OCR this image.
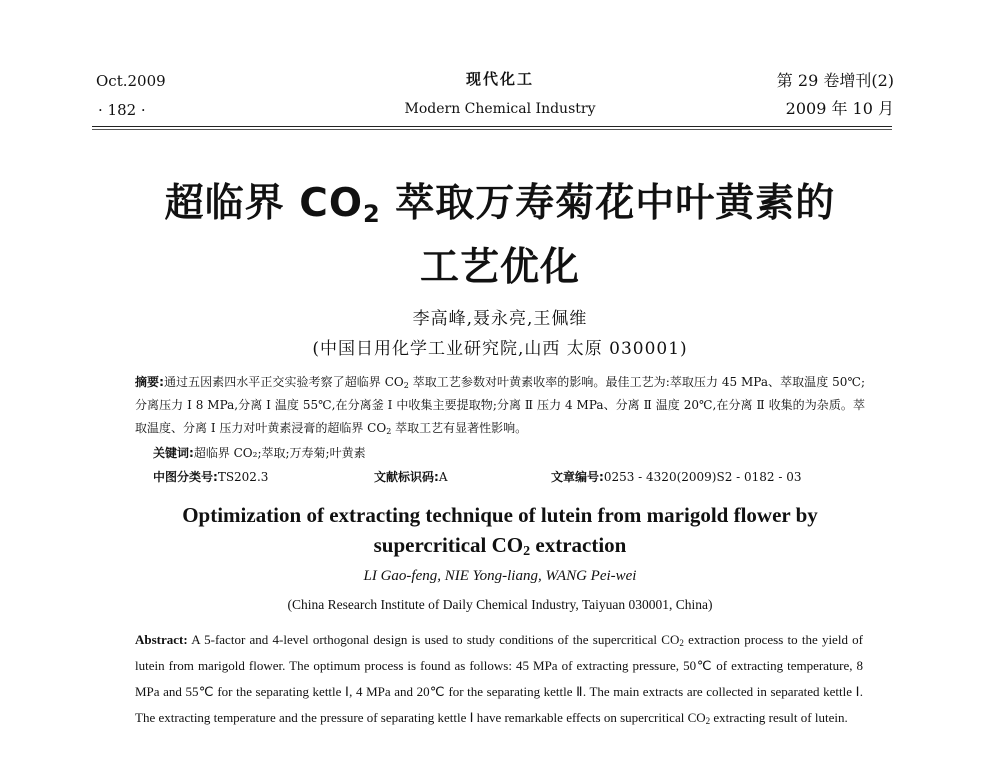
Oct.2009
· 182 ·
现代化工
Modern Chemical Industry
第 29 卷增刊(2)
2009 年 10 月
超临界 $CO_2$ 萃取万寿菊花中叶黄素的
工艺优化
李高峰,聂永亮,王佩维
(中国日用化学工业研究院,山西 太原 030001)
摘要:通过五因素四水平正交实验考察了超临界 $CO_2$ 萃取工艺参数对叶黄素收率的影响。最佳工艺为:萃取压力 45 MPa、萃取温度 50℃;分离压力 Ⅰ 8 MPa,分离 Ⅰ 温度 55℃,在分离釜 Ⅰ 中收集主要提取物;分离 Ⅱ 压力 4 MPa、分离 Ⅱ 温度 20℃,在分离 Ⅱ 收集的为杂质。萃取温度、分离 Ⅰ 压力对叶黄素浸膏的超临界 $CO_2$ 萃取工艺有显著性影响。
关键词:超临界 CO₂;萃取;万寿菊;叶黄素
中图分类号:TS202.3	文献标识码:A	文章编号:0253 - 4320(2009)S2 - 0182 - 03
Optimization of extracting technique of lutein from marigold flower by
supercritical $CO_2$ extraction
LI Gao-feng, NIE Yong-liang, WANG Pei-wei
(China Research Institute of Daily Chemical Industry, Taiyuan 030001, China)
Abstract: A 5-factor and 4-level orthogonal design is used to study conditions of the supercritical $CO_2$ extraction process to the yield of lutein from marigold flower. The optimum process is found as follows: 45 MPa of extracting pressure, 50℃ of extracting temperature, 8 MPa and 55℃ for the separating kettle Ⅰ, 4 MPa and 20℃ for the separating kettle Ⅱ. The main extracts are collected in separated kettle Ⅰ. The extracting temperature and the pressure of separating kettle Ⅰ have remarkable effects on supercritical $CO_2$ extracting result of lutein.
